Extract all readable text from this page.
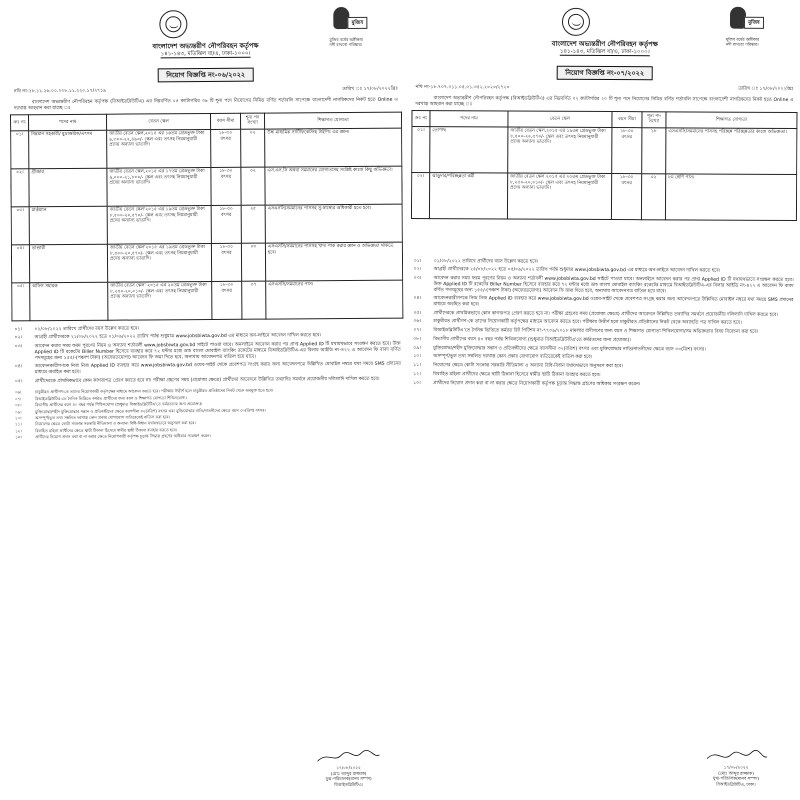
মুজিব
মুজিব বর্ষের অঙ্গীকার
নদী রাখবো পরিষ্কার।
বাংলাদেশ অভ্যন্তরীণ নৌপরিবহন কর্তৃপক্ষ
১৪১-১৪৩, মতিঝিল বা/এ, ঢাকা-১০০০।
নিয়োগ বিজ্ঞপ্তি নং-০৬/২০২২
নথি নং-১৮.১১.২৬.০০.০০৮.১১.২২০.১৭/২৭১৯	তারিখ ঃ ১৭/০৮/২০২২খ্রিঃ

বাংলাদেশ অভ্যন্তরীণ নৌপরিবহন কর্তৃপক্ষ (বিআইডব্লিউটিএ) এর নিম্নবর্ণিত ০৫ ক্যাটাগরির ৩৯ টি শূন্য পদে নিয়োগের নিমিত্ত বর্ণিত শর্তাবলি সাপেক্ষে বাংলাদেশী নাগরিকদের নিকট হতে Online এ দরখাস্ত আহবান করা যাচ্ছে ঃ

ক্রঃ নং	পদের নাম	বেতন স্কেল	বয়স সীমা	শূন্য পদ সংখ্যা	শিক্ষাগত যোগ্যতা
০১।	নিম্নমান সহকারী/ মুদ্রাক্ষরিক/তৎসম	জাতীয় বেতন স্কেল,২০১৫ এর ১৬তম গ্রেডভুক্ত টাকা ৯,৩০০-২২,৪৯০/- স্কেল এবং তৎসহ নিয়মানুযায়ী প্রদেয় অন্যান্য ভাতাদি।	১৮-৩০ বৎসর	০২	উচ্চ মাধ্যমিক সার্টিফিকেটসহ টাইপিং এর জ্ঞান।
০২।	গ্রীজার	জাতীয় বেতন স্কেল,২০১৫ এর ১৭তম গ্রেডভুক্ত টাকা ৯,০০০-২১,৮০০/- স্কেল এবং তৎসহ নিয়মানুযায়ী প্রদেয় অন্যান্য ভাতাদি।	১৮-৩০ বৎসর	০২	এস.এস.সি অথবা সমমানের যোগ্যতাসহ সংশ্লিষ্ট কাজে কিছু অভিজ্ঞতা।
০৩।	মার্কম্যান	জাতীয় বেতন স্কেল'২০১৫ এর ১৯তম গ্রেডভুক্ত টাকা ৮,৫০০-২০,৫৭০/- স্কেল এবং তৎসহ নিয়মানুযায়ী প্রদেয় অন্যান্য ভাতাদি।	১৮-৩০ বৎসর	২৫	এসএসসি/সমমানের পাসসহ সু-স্বাস্থ্যের অধিকারী হতে হবে।
০৪।	ভান্ডারী	জাতীয় বেতন স্কেল'২০১৫ এর ১৯তম গ্রেডভুক্ত টাকা ৮,৫০০-২০,৫৭০/- স্কেল এবং তৎসহ নিয়মানুযায়ী প্রদেয় অন্যান্য ভাতাদি।	১৮-৩০ বৎসর	০৩	এসএসসি/সমমানের পাসসহ খাদ্য পাক করার জ্ঞান ও অভিজ্ঞতা থাকতে হবে।
০৫।	অফিস সহায়ক	জাতীয় বেতন স্কেল' ২০১৫ এর ২০তম গ্রেডভুক্ত টাকা ৮,২৫০-২০,০১০/- স্কেল এবং তৎসহ নিয়মানুযায়ী প্রদেয় অন্যান্য ভাতাদি।	১৮-৩০ বৎসর	০৭	এসএসসি/সমমানের পাস।
০১।	০১/০৮/২০২২ তারিখে প্রার্থীদের বয়স উল্লেখ করতে হবে।
০২।	আগ্রহী প্রার্থীদেরকে ২১/০৮/২০২২ হতে ০১/০৯/২০২২ তারিখ পর্যন্ত শুধুমাত্র www.jobsbiwta.gov.bd এর মাধ্যমে অন-লাইনে আবেদন দাখিল করতে হবে।
০৩।	আবেদন করার সময় ফরম পূরণের নিয়ম ও অন্যান্য শর্তাবলী www.jobsbiwta.gov.bd সাইটে পাওয়া যাবে। অনলাইনে আবেদন করার পর প্রাপ্ত Applied ID টি যথাযথভাবে সংরক্ষণ করতে হবে। উক্ত Applied ID টি রকেটের Biller Number হিসেবে ব্যবহার করে ৭২ ঘন্টার মধ্যে ডাচ বাংলা মোবাইল ব্যাংকিং রকেটের মাধ্যমে বিআইডব্লিউটিএ-এর বিলার আইডি নং-৪২২ এ আবেদন ফি বাবদ বর্ণিত পদসমূহের জন্য ১৫৫/-(পঞ্চাশ টাকা) (অফেরতযোগ্য) আবেদন ফি জমা দিতে হবে, অন্যথায় আবেদনপত্র বাতিল হয়ে যাবে।
০৪।	আবেদনকারীগণকে নিজ নিজ Applied ID ব্যবহার করে www.jobsbiwta.gov.bd ওয়েব-সাইট থেকে প্রবেশপত্র সংগ্রহ করার জন্য আবেদনপত্রে উল্লিখিত মোবাইল নম্বরে যথা সময়ে SMS প্রদানের মাধ্যমে অবহিত করা হবে।
০৫।	প্রার্থীদেরকে প্রাথমিকভাবে কোন কাগজপত্র প্রেরণ করতে হবে না। পরীক্ষা গ্রহণের সময় (প্রযোজ্য ক্ষেত্রে) প্রার্থীদের আবেদনে উল্লিখিত তথ্যাদির সমর্থনে প্রয়োজনীয় দলিলাদি দাখিল করতে হবে।
০৬।	চাকুরীরত প্রার্থীগণ-কে তাদের নিয়োগকারী কর্তৃপক্ষের মাধ্যমে আবেদন করতে হবে। পরীক্ষায় উত্তীর্ণ হলে চাকুরীরত প্রতিষ্ঠানের নিকট থেকে অবমুক্ত হতে হবে।
০৭।	বিআইডব্লিউটিএ-তে দৈনিক ভিত্তিতে কর্মরত প্রার্থীদের জন্য বয়স ও শিক্ষাগত যোগ্যতা শিথিলযোগ্য।
০৮।	বিভাগীয় প্রার্থীদের বয়স ৪০ বছর পর্যন্ত শিথিলযোগ্য (শুধুমাত্র বিআইডব্লিউটিএ'তে কর্মরতদের জন্য প্রযোজ্য)।
০৯।	মুক্তিযোদ্ধা/শহীদ মুক্তিযোদ্ধার সন্তান ও প্রতিবন্ধীদের ক্ষেত্রে বয়সসীমা ৩২(বত্রিশ) বৎসর এবং মুক্তিযোদ্ধার নাতি/নাতনীদের ক্ষেত্রে বয়স ৩০(ত্রিশ) বৎসর।
১০।	অসম্পূর্ণ/ভুল তথ্য সম্বলিত দরখাস্ত কোন প্রকার যোগাযোগ ব্যতিরেকেই বাতিল করা হবে।
১১।	নিয়োগের ক্ষেত্রে কোটা সংক্রান্ত সরকারি নীতিমালা ও অন্যান্য বিধি-বিধান যথাযথভাবে অনুসরণ করা হবে।
১২।	বিবাহিত মহিলা প্রার্থীদের ক্ষেত্রে স্থায়ী ঠিকানা হিসেবে স্বামীর স্থায়ী ঠিকানা ব্যবহার করতে হবে।
১৩।	প্রার্থীদের নিয়োগ প্রদান করা বা না করার ক্ষেত্রে নিয়োগকারী কর্তৃপক্ষ চূড়ান্ত সিদ্ধান্ত গ্রহণের অধিকার সংরক্ষণ করেন।
১৭/০৮/২০২২
(মোঃ আব্দুর রাজ্জাক)
যুগ্ম-পরিচালক(মানব সম্পদ)
বিআইডব্লিউটিএ।
মুজিব
মুজিব বর্ষের অঙ্গীকার
নদী রাখবো পরিষ্কার।
বাংলাদেশ অভ্যন্তরীণ নৌপরিবহন কর্তৃপক্ষ
১৪১-১৪৩, মতিঝিল বা/এ, ঢাকা-১০০০।
নিয়োগ বিজ্ঞপ্তি নং-০৭/২০২২
নথি নং-১৮.৭০৭.০১১.০৫.০১.৩৫২.২০২০/২৭২০	তারিখ ঃ ১৭/০৮/২০২২খ্রিঃ

বাংলাদেশ অভ্যন্তরীণ নৌপরিবহন কর্তৃপক্ষ (বিআইডব্লিউটিএ) এর নিম্নবর্ণিত ০২ ক্যাটাগরির ২০ টি শূন্য পদে নিয়োগের নিমিত্ত বর্ণিত শর্তাবলি সাপেক্ষে বাংলাদেশী নাগরিকদের নিকট হতে Online এ দরখাস্ত আহবান করা যাচ্ছে ঃ

ক্রঃ নং	পদের নাম	বেতন স্কেল	বয়স সীমা	শূন্য পদ সংখ্যা	শিক্ষাগত যোগ্যতা
০১।	তোপাছ	জাতীয় বেতন স্কেল,২০১৫ এর ১৯তম গ্রেডভুক্ত টাকা ৮,৫০০-২০,৫৭০/- স্কেল এবং তৎসহ নিয়মানুযায়ী প্রদেয় অন্যান্য ভাতাদি।	১৮-৩০ বৎসর	১৮	এসএসসি/সমমানের পাসসহ পরিচ্ছন্ন পরিচ্ছন্নতার কাজে অভিজ্ঞতা।
০২।	ঝাড়ুদার/পরিচ্ছন্নতা কর্মী	জাতীয় বেতন স্কেল ২০১৫ এর ২০তম গ্রেডভুক্ত টাকা ৮,২৫০-২০,০১০/- স্কেল এবং তৎসহ নিয়মানুযায়ী প্রদেয় অন্যান্য ভাতাদি।	১৮-৩০ বৎসর	০২	৮ম শ্রেণি পাস।
০১।	০১/০৮/২০২২ তারিখে প্রার্থীদের বয়স উল্লেখ করতে হবে।
০২।	আগ্রহী প্রার্থীদেরকে ২৫/০৮/২০২২ হতে ০৫/০৯/২০২২ তারিখ পর্যন্ত শুধুমাত্র www.jobsbiwta.gov.bd এর মাধ্যমে অন-লাইনে আবেদন দাখিল করতে হবে।
০৩।	আবেদন করার সময় ফরম পূরণের নিয়ম ও অন্যান্য শর্তাবলী www.jobsbiwta.gov.bd সাইটে পাওয়া যাবে। অনলাইনে আবেদন করার পর প্রাপ্ত Applied ID টি যথাযথভাবে সংরক্ষণ করতে হবে। উক্ত Applied ID টি রকেটের Biller Number হিসেবে ব্যবহার করে ৭২ ঘন্টার মধ্যে ডাচ বাংলা মোবাইল ব্যাংকিং রকেটের মাধ্যমে বিআইডব্লিউটিএ-এর বিলার আইডি নং-৪২২ এ আবেদন ফি বাবদ বর্ণিত পদসমূহের জন্য ১৫৫/-(পঞ্চাশ টাকা) (অফেরতযোগ্য) আবেদন ফি জমা দিতে হবে, অন্যথায় আবেদনপত্র বাতিল হয়ে যাবে।
০৪।	আবেদনকারীগণকে নিজ নিজ Applied ID ব্যবহার করে www.jobsbiwta.gov.bd ওয়েব-সাইট থেকে প্রবেশপত্র সংগ্রহ করার জন্য আবেদনপত্রে উল্লিখিত মোবাইল নম্বরে যথা সময়ে SMS প্রদানের মাধ্যমে অবহিত করা হবে।
০৫।	প্রার্থীদেরকে প্রাথমিকভাবে কোন কাগজপত্র প্রেরণ করতে হবে না। পরীক্ষা গ্রহণের সময় (প্রযোজ্য ক্ষেত্রে) প্রার্থীদের আবেদনে উল্লিখিত তথ্যাদির সমর্থনে প্রয়োজনীয় দলিলাদি দাখিল করতে হবে।
০৬।	চাকুরীরত প্রার্থীগণ-কে তাদের নিয়োগকারী কর্তৃপক্ষের মাধ্যমে আবেদন করতে হবে। পরীক্ষায় উত্তীর্ণ হলে চাকুরীরত প্রতিষ্ঠানের নিকট থেকে অব্যাহতি পত্র দাখিল করতে হবে।
০৭।	বিআইডব্লিউটিএ'তে দৈনিক ভিত্তিতে কর্মরত রিট পিটিশন নং-৭৭৩৯/২০১৮ মামলার বাদীগণের জন্য বয়স ও শিক্ষাগত যোগ্যতা শিথিলযোগ্য/সম অভিজ্ঞতার বিষয় বিবেচনা করা হবে।
০৮।	বিভাগীয় প্রার্থীদের বয়স ৪০ বছর পর্যন্ত শিথিলযোগ্য (শুধুমাত্র বিআইডব্লিউটিএ'তে কর্মরতদের জন্য প্রযোজ্য)।
০৯।	মুক্তিযোদ্ধা/শহীদ মুক্তিযোদ্ধার সন্তান ও প্রতিবন্ধীদের ক্ষেত্রে বয়সসীমা ৩২(বত্রিশ) বৎসর এবং মুক্তিযোদ্ধার নাতি/নাতনীদের ক্ষেত্রে বয়স ৩০(ত্রিশ) বৎসর।
১০।	অসম্পূর্ণ/ভুল তথ্য সম্বলিত দরখাস্ত কোন প্রকার যোগাযোগ ব্যতিরেকেই বাতিল করা হবে।
১১।	নিয়োগের ক্ষেত্রে কোটা সংক্রান্ত সরকারি নীতিমালা ও অন্যান্য বিধি-বিধান যথাযথভাবে অনুসরণ করা হবে।
১২।	বিবাহিত মহিলা প্রার্থীদের ক্ষেত্রে স্থায়ী ঠিকানা হিসেবে স্বামীর স্থায়ী ঠিকানা ব্যবহার করতে হবে।
১৩।	প্রার্থীদের নিয়োগ প্রদান করা বা না করার ক্ষেত্রে নিয়োগকারী কর্তৃপক্ষ চূড়ান্ত সিদ্ধান্ত গ্রহণের অধিকার সংরক্ষণ করেন।
১৭/০৮/২০২২
(মোঃ আব্দুর রাজ্জাক)
যুগ্ম-পরিচালক(মানব সম্পদ)
বিআইডব্লিউটিএ, ঢাকা।
